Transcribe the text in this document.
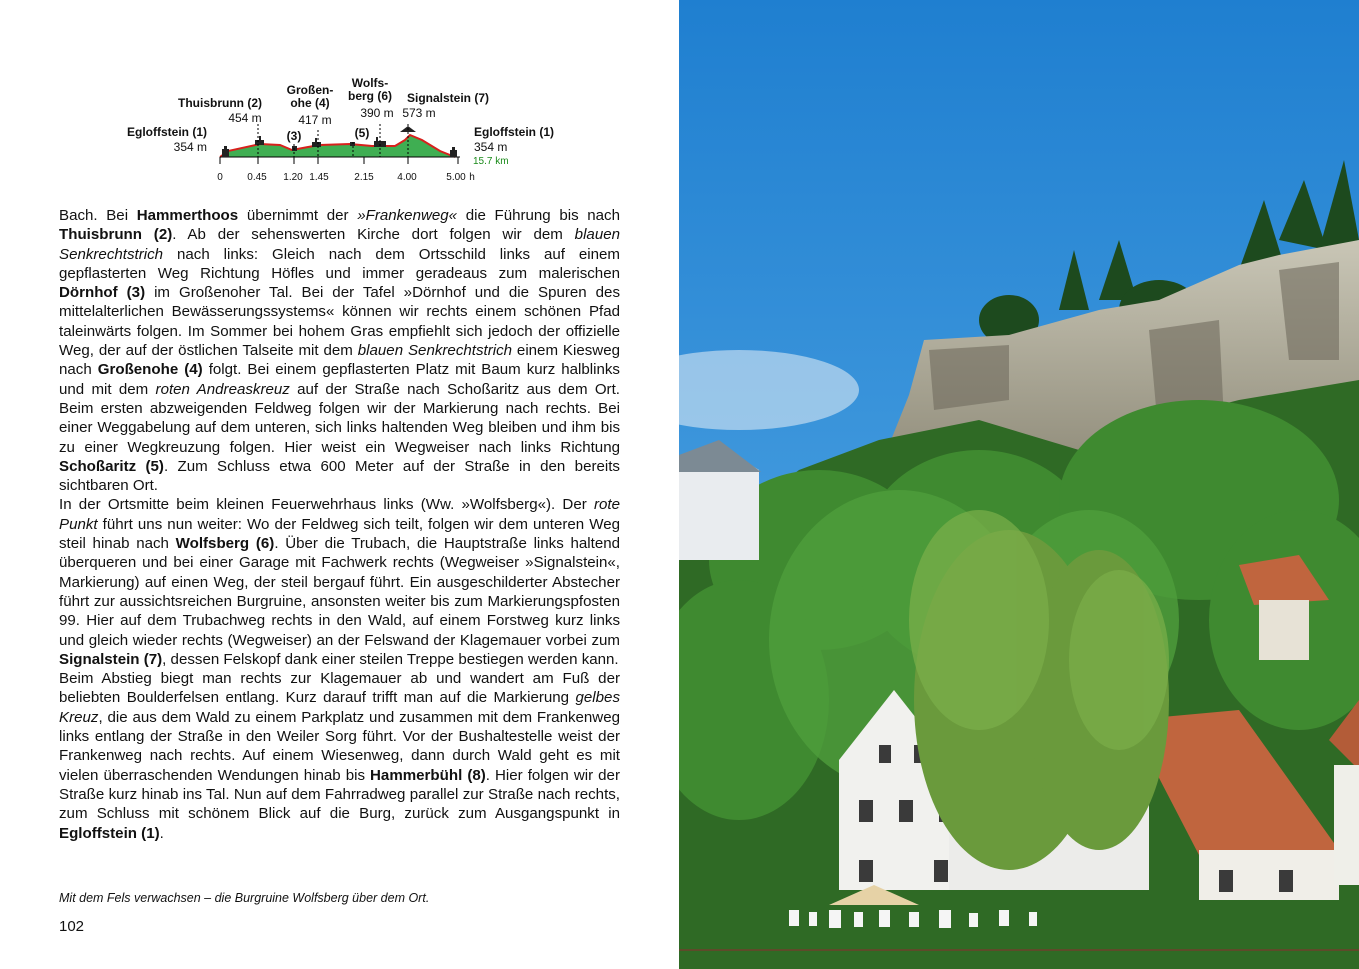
Egloffstein (1)
354 m
Thuisbrunn (2)
454 m
(3)
Großen-
ohe (4)
417 m
(5)
Wolfs-
berg (6)
390 m
Signalstein (7)
573 m
Egloffstein (1)
354 m
15.7 km
0 0.45 1.20 1.45	2.15 4.00	5.00 h

Bach. Bei Hammerthoos übernimmt der »Frankenweg« die Führung bis nach Thuisbrunn (2). Ab der sehenswerten Kirche dort folgen wir dem blauen Senkrechtstrich nach links: Gleich nach dem Ortsschild links auf einem gepflasterten Weg Richtung Höfles und immer geradeaus zum malerischen Dörnhof (3) im Großenoher Tal. Bei der Tafel »Dörnhof und die Spuren des mittelalterlichen Bewässerungssystems« können wir rechts einem schönen Pfad taleinwärts folgen. Im Sommer bei hohem Gras empfiehlt sich jedoch der offizielle Weg, der auf der östlichen Talseite mit dem blauen Senkrechtstrich einem Kiesweg nach Großenohe (4) folgt. Bei einem gepflasterten Platz mit Baum kurz halblinks und mit dem roten Andreaskreuz auf der Straße nach Schoßaritz aus dem Ort. Beim ersten abzweigenden Feldweg folgen wir der Markierung nach rechts. Bei einer Weggabelung auf dem unteren, sich links haltenden Weg bleiben und ihm bis zu einer Wegkreuzung folgen. Hier weist ein Wegweiser nach links Richtung Schoßaritz (5). Zum Schluss etwa 600 Meter auf der Straße in den bereits sichtbaren Ort.

In der Ortsmitte beim kleinen Feuerwehrhaus links (Ww. »Wolfsberg«). Der rote Punkt führt uns nun weiter: Wo der Feldweg sich teilt, folgen wir dem unteren Weg steil hinab nach Wolfsberg (6). Über die Trubach, die Hauptstraße links haltend überqueren und bei einer Garage mit Fachwerk rechts (Wegweiser »Signalstein«, Markierung) auf einen Weg, der steil bergauf führt. Ein ausgeschilderter Abstecher führt zur aussichtsreichen Burgruine, ansonsten weiter bis zum Markierungspfosten 99. Hier auf dem Trubachweg rechts in den Wald, auf einem Forstweg kurz links und gleich wieder rechts (Wegweiser) an der Felswand der Klagemauer vorbei zum Signalstein (7), dessen Felskopf dank einer steilen Treppe bestiegen werden kann.

Beim Abstieg biegt man rechts zur Klagemauer ab und wandert am Fuß der beliebten Boulderfelsen entlang. Kurz darauf trifft man auf die Markierung gelbes Kreuz, die aus dem Wald zu einem Parkplatz und zusammen mit dem Frankenweg links entlang der Straße in den Weiler Sorg führt. Vor der Bushaltestelle weist der Frankenweg nach rechts. Auf einem Wiesenweg, dann durch Wald geht es mit vielen überraschenden Wendungen hinab bis Hammerbühl (8). Hier folgen wir der Straße kurz hinab ins Tal. Nun auf dem Fahrradweg parallel zur Straße nach rechts, zum Schluss mit schönem Blick auf die Burg, zurück zum Ausgangspunkt in Egloffstein (1).

Mit dem Fels verwachsen – die Burgruine Wolfsberg über dem Ort.
102
